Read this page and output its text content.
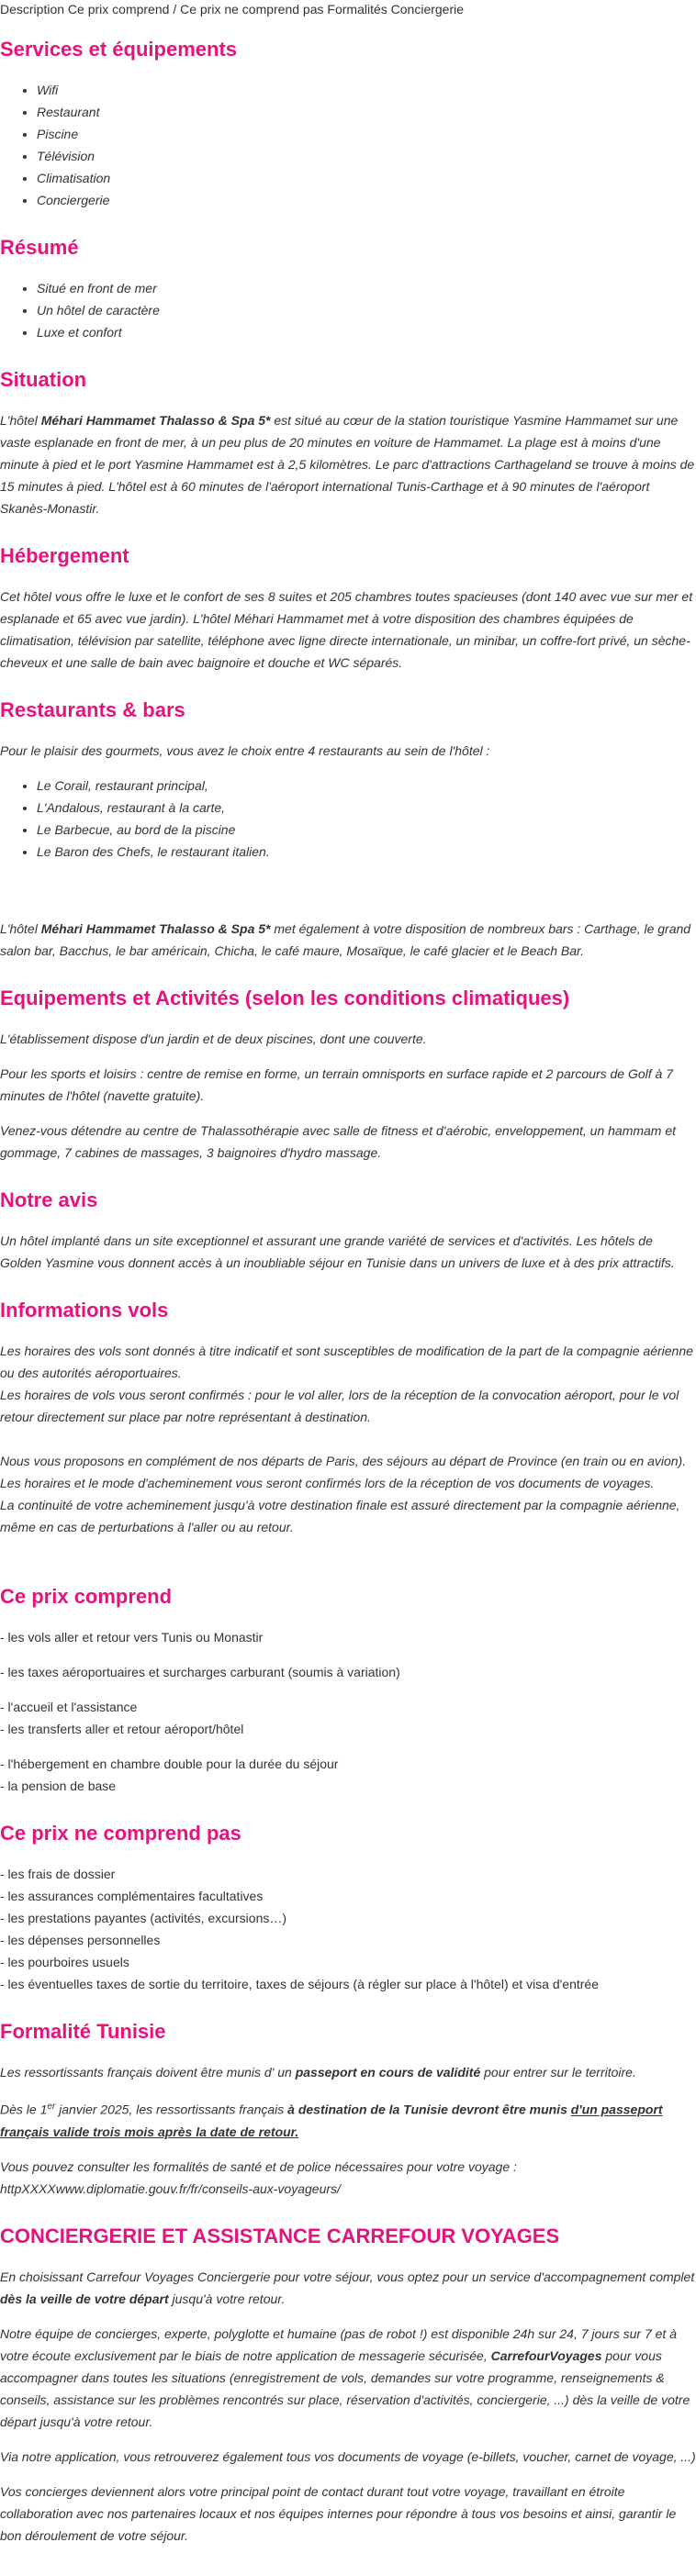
Description Ce prix comprend / Ce prix ne comprend pas Formalités Conciergerie
Services et équipements
• Wifi
• Restaurant
• Piscine
• Télévision
• Climatisation
• Conciergerie
Résumé
• Situé en front de mer
• Un hôtel de caractère
• Luxe et confort
Situation

L'hôtel Méhari Hammamet Thalasso & Spa 5* est situé au cœur de la station touristique Yasmine Hammamet sur une vaste esplanade en front de mer, à un peu plus de 20 minutes en voiture de Hammamet. La plage est à moins d'une minute à pied et le port Yasmine Hammamet est à 2,5 kilomètres. Le parc d'attractions Carthageland se trouve à moins de 15 minutes à pied. L'hôtel est à 60 minutes de l'aéroport international Tunis-Carthage et à 90 minutes de l'aéroport Skanès-Monastir.

Hébergement

Cet hôtel vous offre le luxe et le confort de ses 8 suites et 205 chambres toutes spacieuses (dont 140 avec vue sur mer et esplanade et 65 avec vue jardin). L'hôtel Méhari Hammamet met à votre disposition des chambres équipées de climatisation, télévision par satellite, téléphone avec ligne directe internationale, un minibar, un coffre-fort privé, un sèche-cheveux et une salle de bain avec baignoire et douche et WC séparés.

Restaurants & bars

Pour le plaisir des gourmets, vous avez le choix entre 4 restaurants au sein de l'hôtel :

• Le Corail, restaurant principal,
• L'Andalous, restaurant à la carte,
• Le Barbecue, au bord de la piscine
• Le Baron des Chefs, le restaurant italien.

L'hôtel Méhari Hammamet Thalasso & Spa 5* met également à votre disposition de nombreux bars : Carthage, le grand salon bar, Bacchus, le bar américain, Chicha, le café maure, Mosaïque, le café glacier et le Beach Bar.

Equipements et Activités (selon les conditions climatiques)

L'établissement dispose d'un jardin et de deux piscines, dont une couverte.

Pour les sports et loisirs : centre de remise en forme, un terrain omnisports en surface rapide et 2 parcours de Golf à 7 minutes de l'hôtel (navette gratuite).

Venez-vous détendre au centre de Thalassothérapie avec salle de fitness et d'aérobic, enveloppement, un hammam et gommage, 7 cabines de massages, 3 baignoires d'hydro massage.

Notre avis

Un hôtel implanté dans un site exceptionnel et assurant une grande variété de services et d'activités. Les hôtels de Golden Yasmine vous donnent accès à un inoubliable séjour en Tunisie dans un univers de luxe et à des prix attractifs.

Informations vols

Les horaires des vols sont donnés à titre indicatif et sont susceptibles de modification de la part de la compagnie aérienne ou des autorités aéroportuaires.

Les horaires de vols vous seront confirmés : pour le vol aller, lors de la réception de la convocation aéroport, pour le vol retour directement sur place par notre représentant à destination.

Nous vous proposons en complément de nos départs de Paris, des séjours au départ de Province (en train ou en avion).

Les horaires et le mode d'acheminement vous seront confirmés lors de la réception de vos documents de voyages.

La continuité de votre acheminement jusqu'à votre destination finale est assuré directement par la compagnie aérienne, même en cas de perturbations à l'aller ou au retour.

Ce prix comprend

- les vols aller et retour vers Tunis ou Monastir

- les taxes aéroportuaires et surcharges carburant (soumis à variation)

- l'accueil et l'assistance

- les transferts aller et retour aéroport/hôtel

- l'hébergement en chambre double pour la durée du séjour

- la pension de base

Ce prix ne comprend pas

- les frais de dossier

- les assurances complémentaires facultatives

- les prestations payantes (activités, excursions…)

- les dépenses personnelles

- les pourboires usuels

- les éventuelles taxes de sortie du territoire, taxes de séjours (à régler sur place à l'hôtel) et visa d'entrée

Formalité Tunisie

Les ressortissants français doivent être munis d' un passeport en cours de validité pour entrer sur le territoire.

Dès le 1er janvier 2025, les ressortissants français à destination de la Tunisie devront être munis d'un passeport français valide trois mois après la date de retour.

Vous pouvez consulter les formalités de santé et de police nécessaires pour votre voyage :

httpXXXXwww.diplomatie.gouv.fr/fr/conseils-aux-voyageurs/

CONCIERGERIE ET ASSISTANCE CARREFOUR VOYAGES

En choisissant Carrefour Voyages Conciergerie pour votre séjour, vous optez pour un service d'accompagnement complet dès la veille de votre départ jusqu'à votre retour.

Notre équipe de concierges, experte, polyglotte et humaine (pas de robot !) est disponible 24h sur 24, 7 jours sur 7 et à votre écoute exclusivement par le biais de notre application de messagerie sécurisée, CarrefourVoyages pour vous accompagner dans toutes les situations (enregistrement de vols, demandes sur votre programme, renseignements & conseils, assistance sur les problèmes rencontrés sur place, réservation d'activités, conciergerie, ...) dès la veille de votre départ jusqu'à votre retour.

Via notre application, vous retrouverez également tous vos documents de voyage (e-billets, voucher, carnet de voyage, ...)

Vos concierges deviennent alors votre principal point de contact durant tout votre voyage, travaillant en étroite collaboration avec nos partenaires locaux et nos équipes internes pour répondre à tous vos besoins et ainsi, garantir le bon déroulement de votre séjour.
